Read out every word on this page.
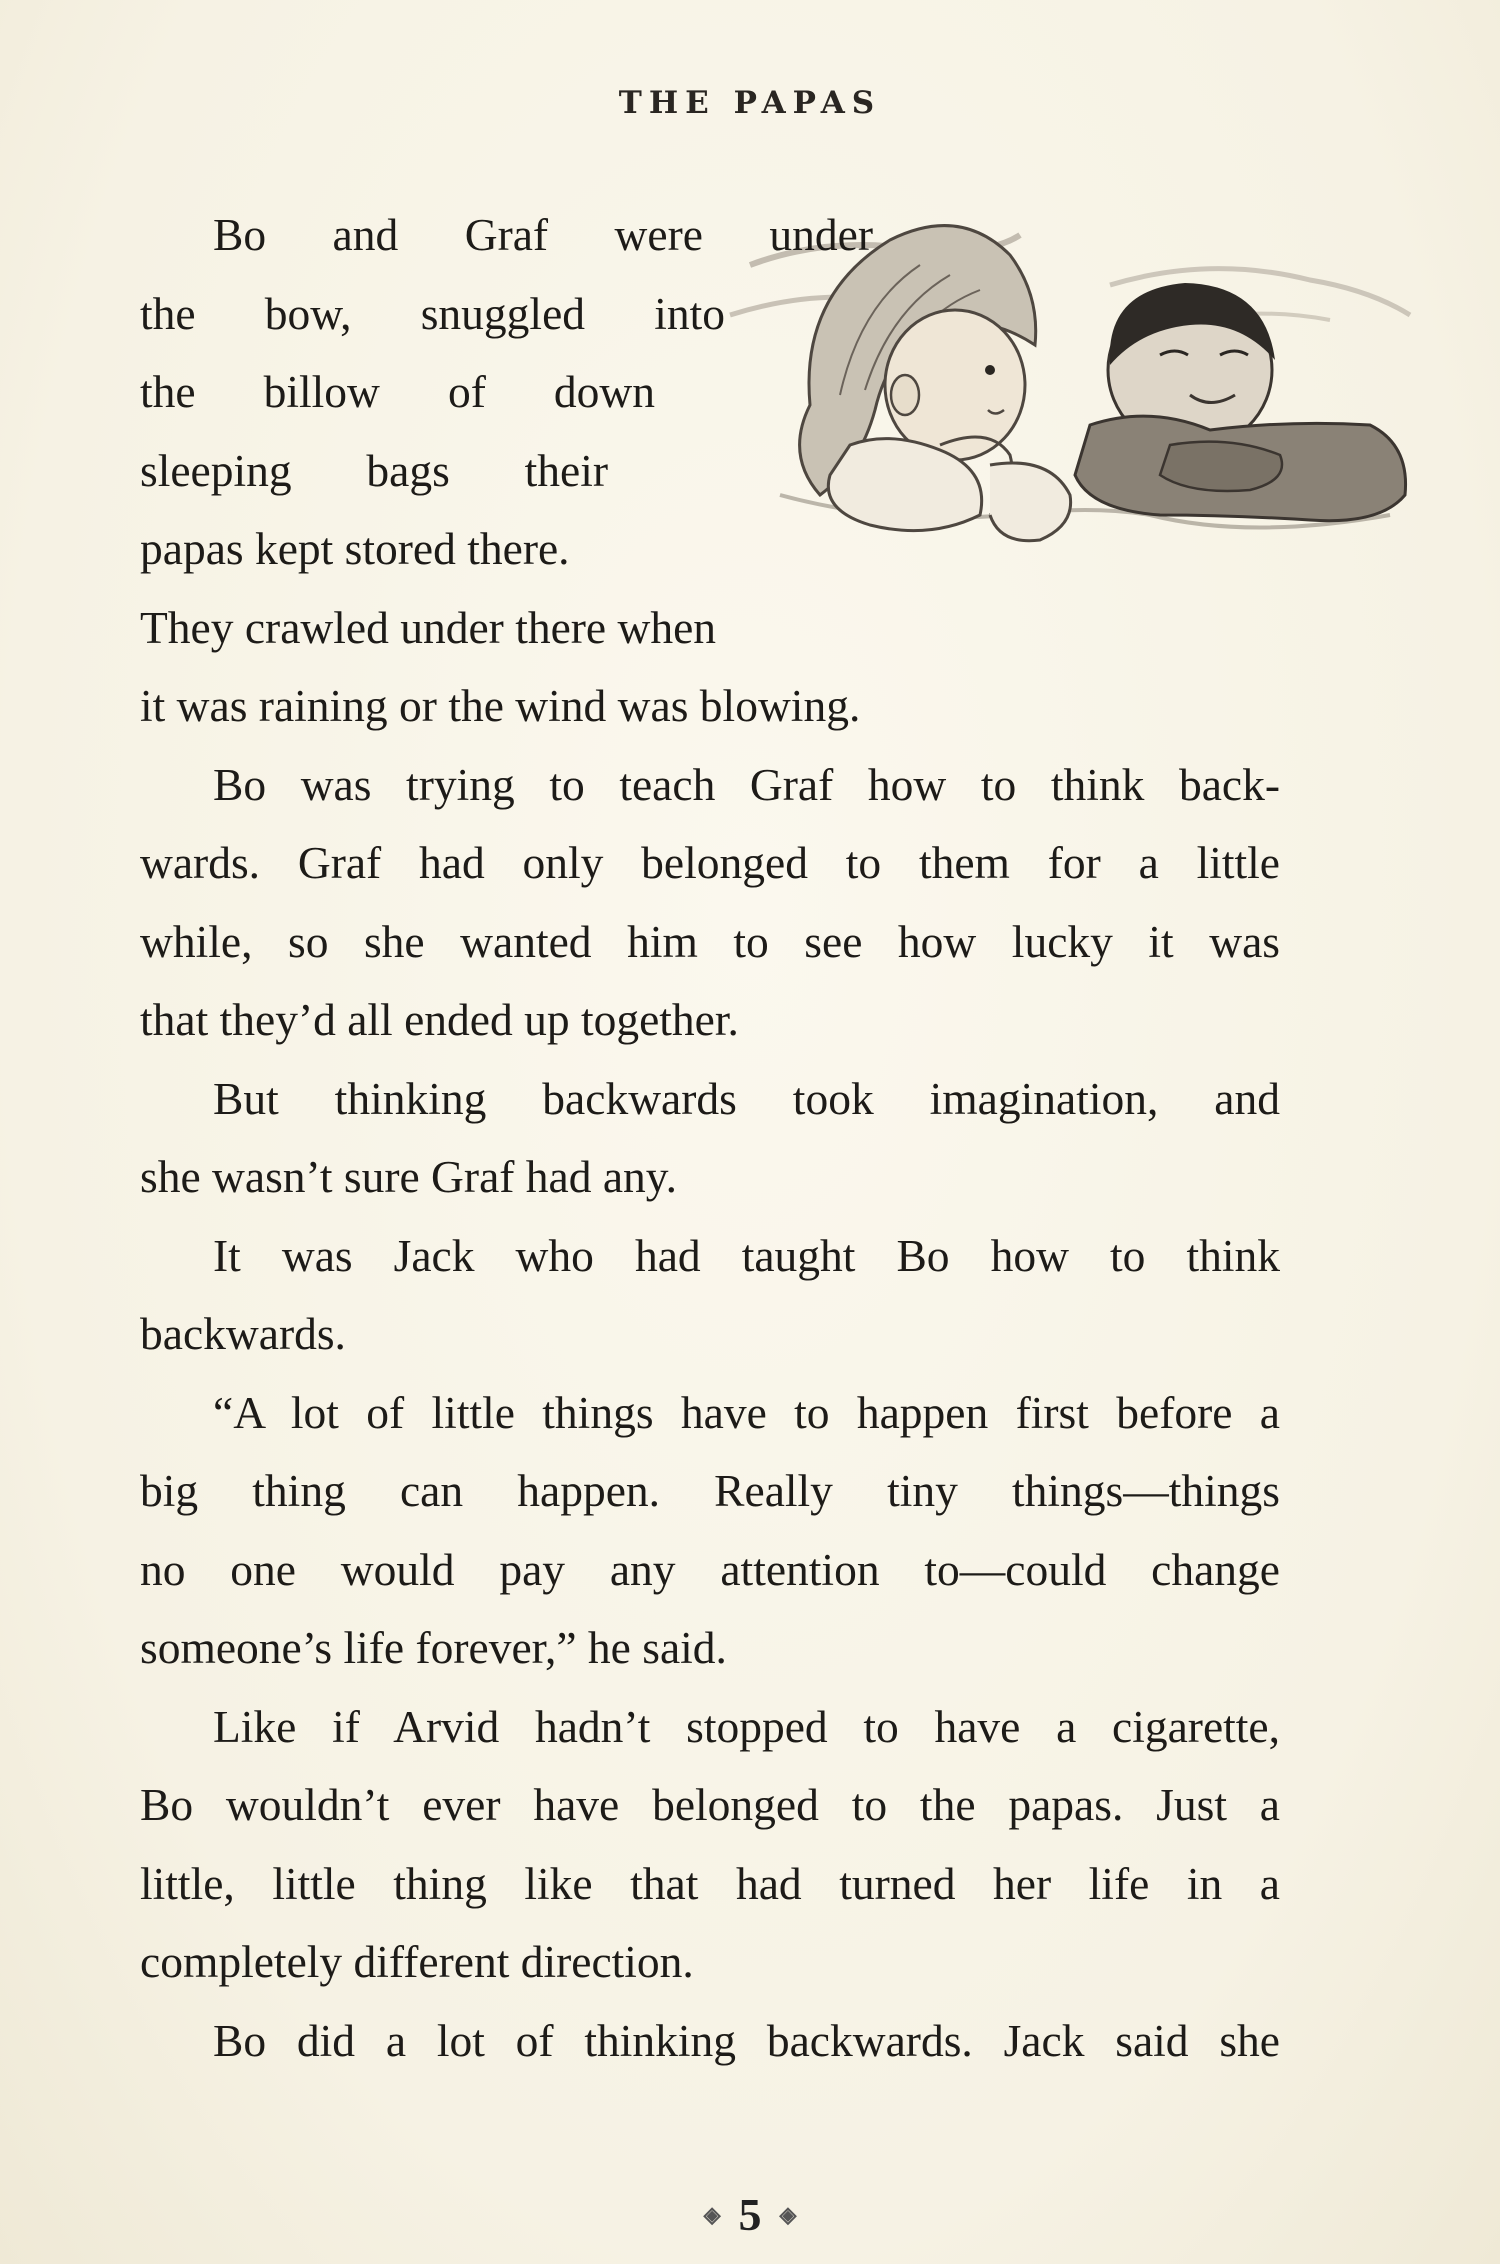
THE PAPAS
Bo and Graf were under
the bow, snuggled into
the billow of down
sleeping bags their
papas kept stored there.
They crawled under there when
it was raining or the wind was blowing.
Bo was trying to teach Graf how to think back-
wards. Graf had only belonged to them for a little
while, so she wanted him to see how lucky it was
that they’d all ended up together.
But thinking backwards took imagination, and
she wasn’t sure Graf had any.
It was Jack who had taught Bo how to think
backwards.
“A lot of little things have to happen first before a
big thing can happen. Really tiny things—things
no one would pay any attention to—could change
someone’s life forever,” he said.
Like if Arvid hadn’t stopped to have a cigarette,
Bo wouldn’t ever have belonged to the papas. Just a
little, little thing like that had turned her life in a
completely different direction.
Bo did a lot of thinking backwards. Jack said she
◈ 5 ◈
